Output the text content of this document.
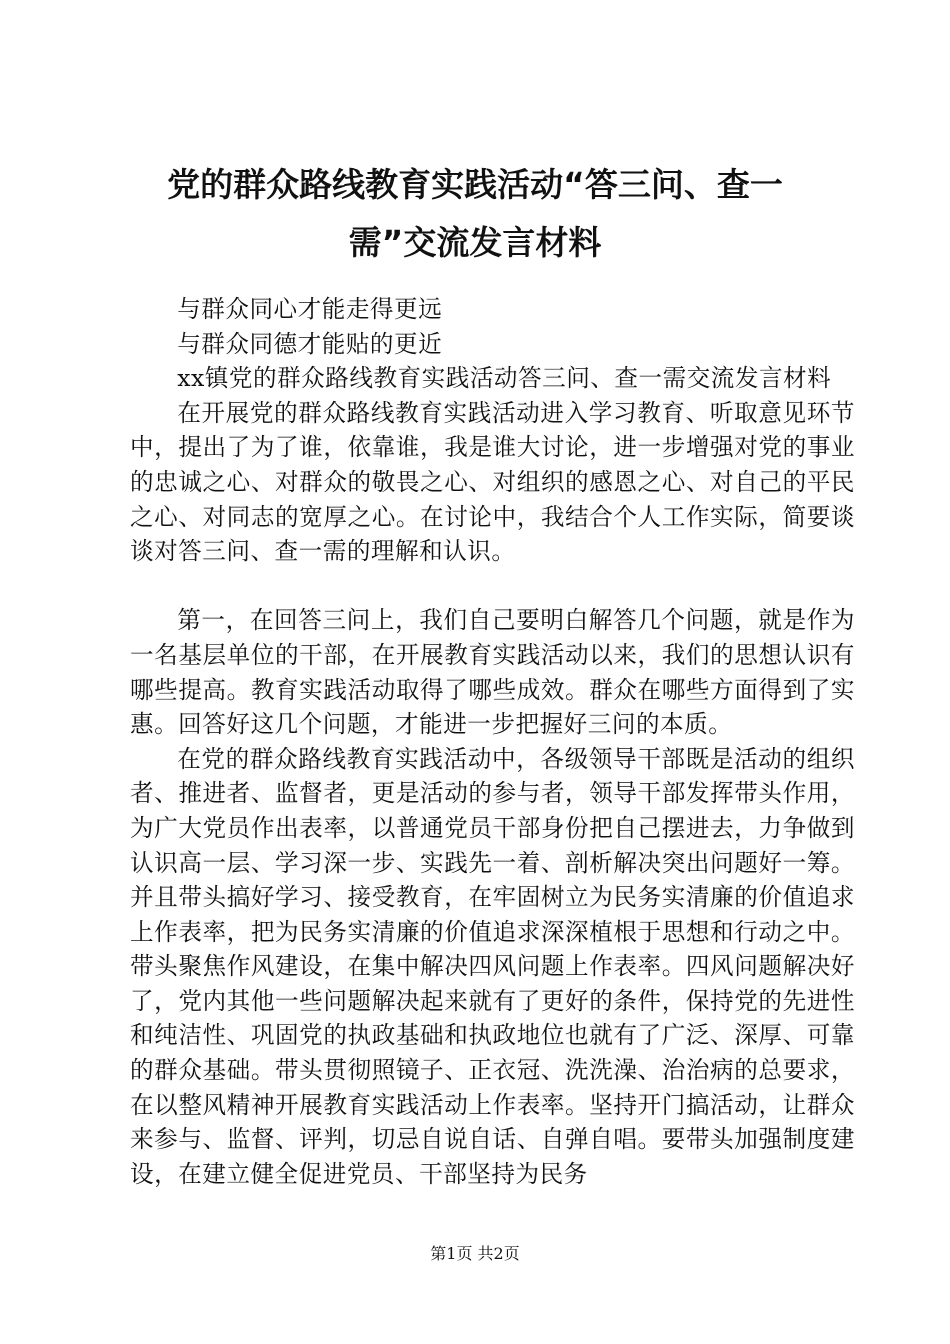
党的群众路线教育实践活动“答三问、查一
需”交流发言材料

与群众同心才能走得更远

与群众同德才能贴的更近

xx镇党的群众路线教育实践活动答三问、查一需交流发言材料

在开展党的群众路线教育实践活动进入学习教育、听取意见环节中，提出了为了谁，依靠谁，我是谁大讨论，进一步增强对党的事业的忠诚之心、对群众的敬畏之心、对组织的感恩之心、对自己的平民之心、对同志的宽厚之心。在讨论中，我结合个人工作实际，简要谈谈对答三问、查一需的理解和认识。

第一，在回答三问上，我们自己要明白解答几个问题，就是作为一名基层单位的干部，在开展教育实践活动以来，我们的思想认识有哪些提高。教育实践活动取得了哪些成效。群众在哪些方面得到了实惠。回答好这几个问题，才能进一步把握好三问的本质。

在党的群众路线教育实践活动中，各级领导干部既是活动的组织者、推进者、监督者，更是活动的参与者，领导干部发挥带头作用，为广大党员作出表率，以普通党员干部身份把自己摆进去，力争做到认识高一层、学习深一步、实践先一着、剖析解决突出问题好一筹。并且带头搞好学习、接受教育，在牢固树立为民务实清廉的价值追求上作表率，把为民务实清廉的价值追求深深植根于思想和行动之中。带头聚焦作风建设，在集中解决四风问题上作表率。四风问题解决好了，党内其他一些问题解决起来就有了更好的条件，保持党的先进性和纯洁性、巩固党的执政基础和执政地位也就有了广泛、深厚、可靠的群众基础。带头贯彻照镜子、正衣冠、洗洗澡、治治病的总要求，在以整风精神开展教育实践活动上作表率。坚持开门搞活动，让群众来参与、监督、评判，切忌自说自话、自弹自唱。要带头加强制度建设，在建立健全促进党员、干部坚持为民务

第1页 共2页
